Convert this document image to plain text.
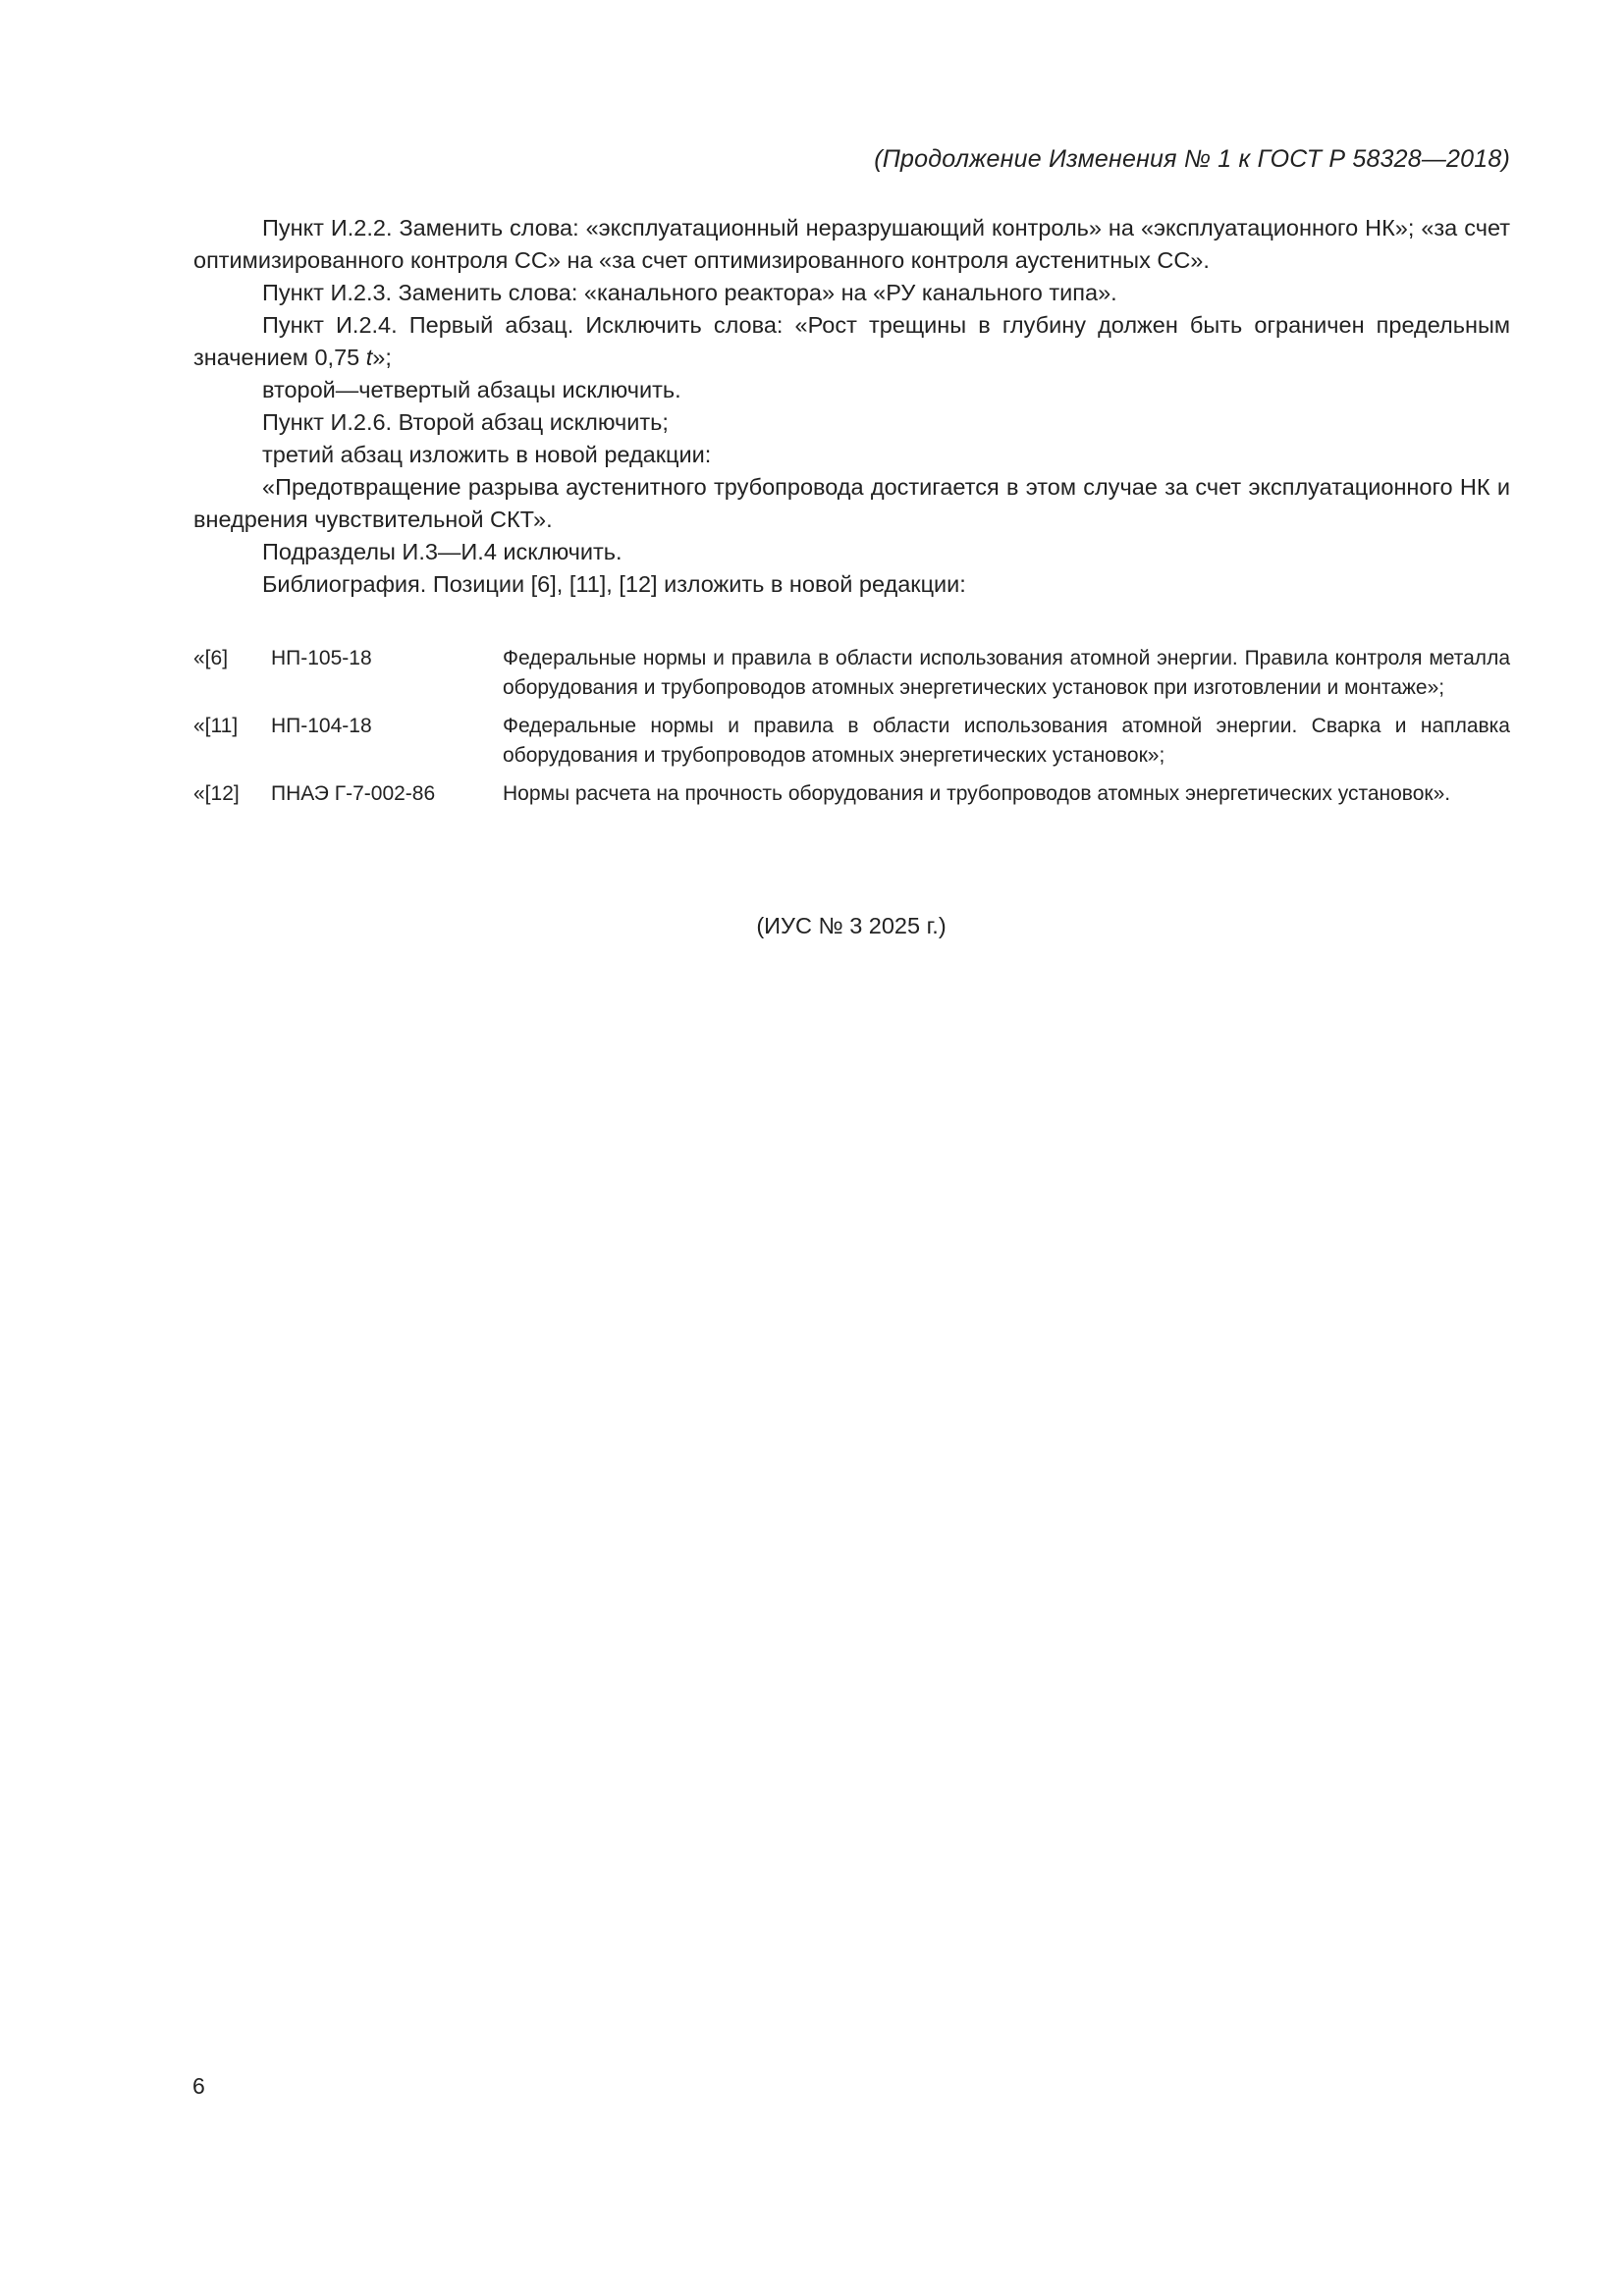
(Продолжение Изменения № 1 к ГОСТ Р 58328—2018)

Пункт И.2.2. Заменить слова: «эксплуатационный неразрушающий контроль» на «эксплуатационного НК»; «за счет оптимизированного контроля СС» на «за счет оптимизированного контроля аустенитных СС».

Пункт И.2.3. Заменить слова: «канального реактора» на «РУ канального типа».

Пункт И.2.4. Первый абзац. Исключить слова: «Рост трещины в глубину должен быть ограничен предельным значением 0,75 t»;

второй—четвертый абзацы исключить.

Пункт И.2.6. Второй абзац исключить;

третий абзац изложить в новой редакции:

«Предотвращение разрыва аустенитного трубопровода достигается в этом случае за счет эксплуатационного НК и внедрения чувствительной СКТ».

Подразделы И.3—И.4 исключить.

Библиография. Позиции [6], [11], [12] изложить в новой редакции:

«[6]	НП-105-18	Федеральные нормы и правила в области использования атомной энергии. Правила контроля металла оборудования и трубопроводов атомных энергетических установок при изготовлении и монтаже»;
«[11]	НП-104-18	Федеральные нормы и правила в области использования атомной энергии. Сварка и наплавка оборудования и трубопроводов атомных энергетических установок»;
«[12]	ПНАЭ Г-7-002-86	Нормы расчета на прочность оборудования и трубопроводов атомных энергетических установок».
(ИУС № 3 2025 г.)
6
